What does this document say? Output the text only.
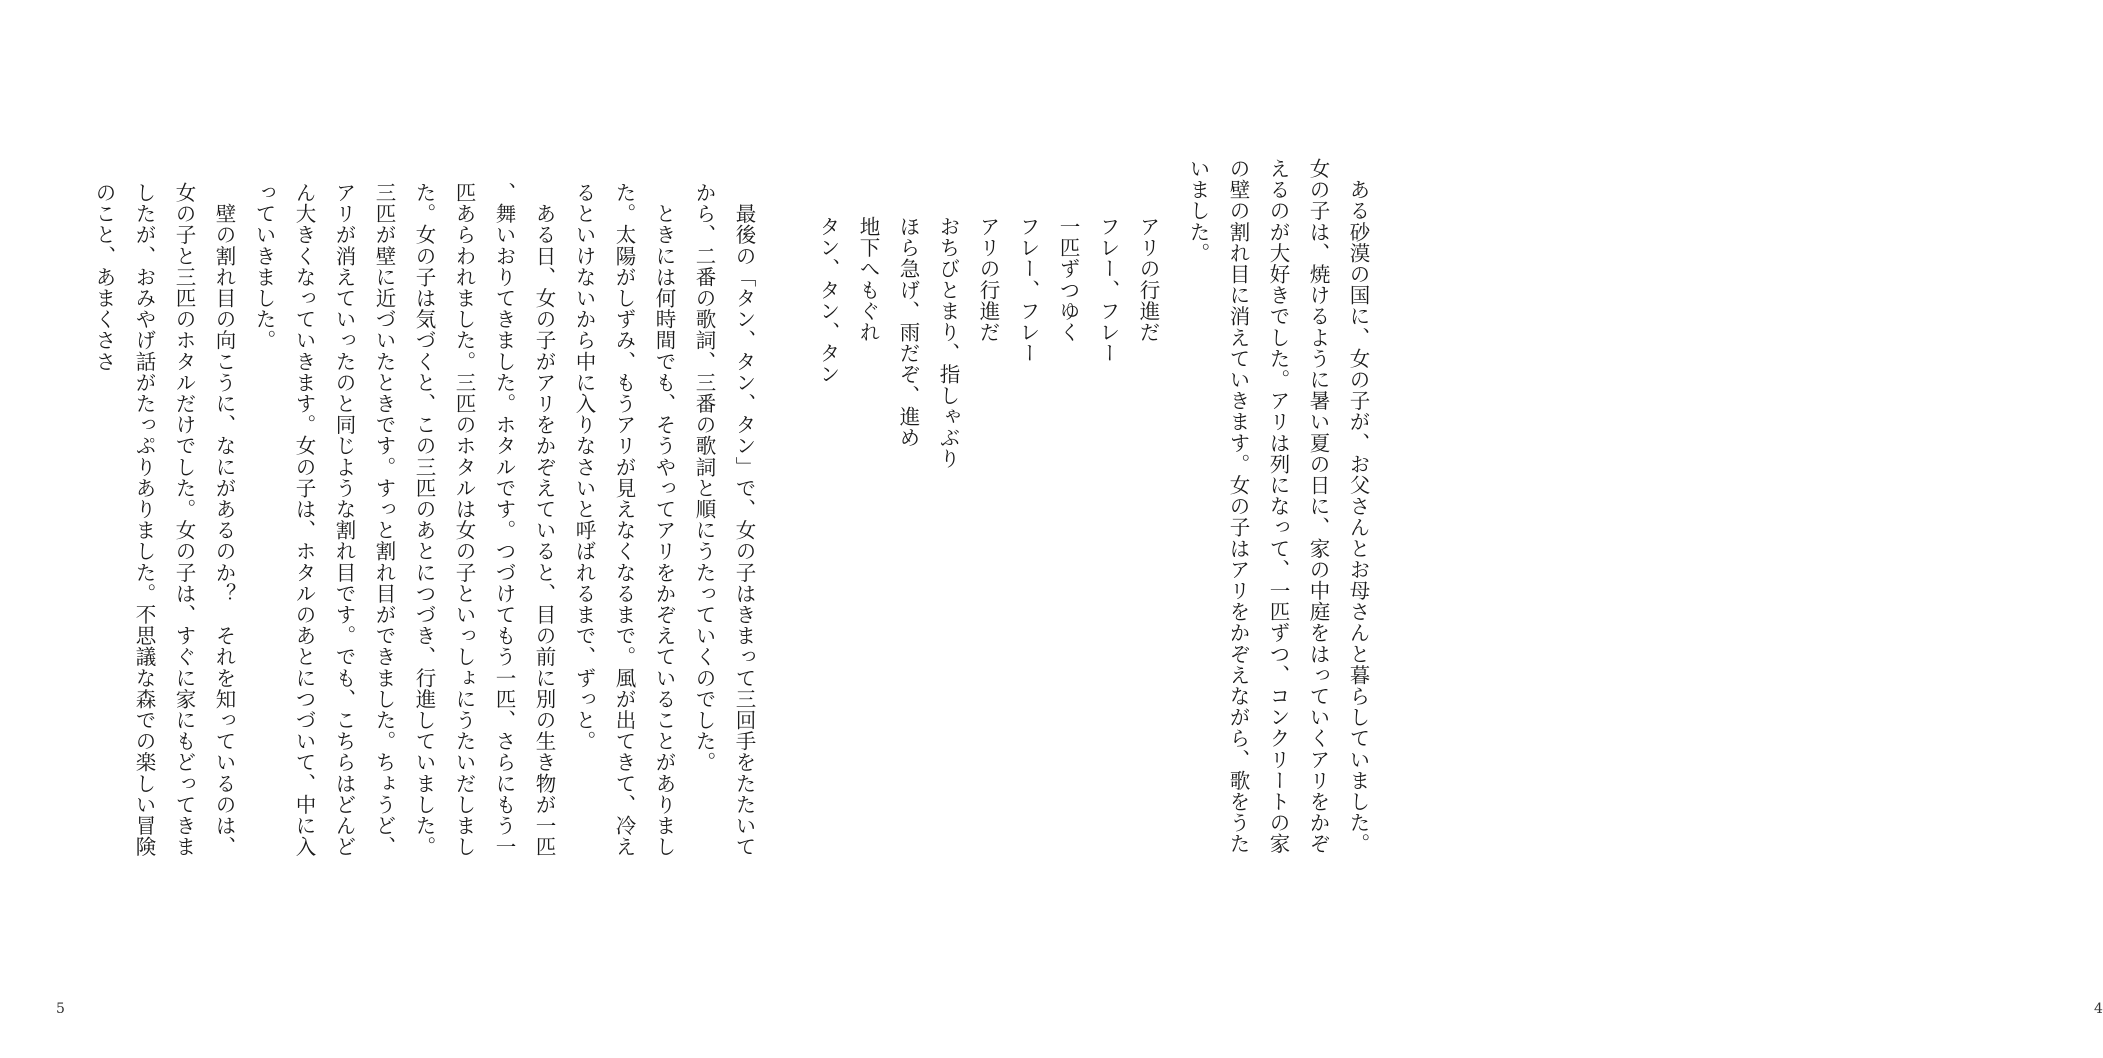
　最後の「タン、タン、タン」で、女の子はきまって三回手をたたいて
から、二番の歌詞、三番の歌詞と順にうたっていくのでした。

　ときには何時間でも、そうやってアリをかぞえていることがありまし
た。太陽がしずみ、もうアリが見えなくなるまで。風が出てきて、冷え
るといけないから中に入りなさいと呼ばれるまで、ずっと。

　ある日、女の子がアリをかぞえていると、目の前に別の生き物が一匹
、舞いおりてきました。ホタルです。つづけてもう一匹、さらにもう一
匹あらわれました。三匹のホタルは女の子といっしょにうたいだしまし
た。女の子は気づくと、この三匹のあとにつづき、行進していました。
三匹が壁に近づいたときです。すっと割れ目ができました。ちょうど、
アリが消えていったのと同じような割れ目です。でも、こちらはどんど
ん大きくなっていきます。女の子は、ホタルのあとにつづいて、中に入
っていきました。

　壁の割れ目の向こうに、なにがあるのか？　それを知っているのは、
女の子と三匹のホタルだけでした。女の子は、すぐに家にもどってきま
したが、おみやげ話がたっぷりありました。不思議な森での楽しい冒険
のこと、あまくささ

5	4

　ある砂漠の国に、女の子が、お父さんとお母さんと暮らしていました。
女の子は、焼けるように暑い夏の日に、家の中庭をはっていくアリをかぞ
えるのが大好きでした。アリは列になって、一匹ずつ、コンクリートの家
の壁の割れ目に消えていきます。女の子はアリをかぞえながら、歌をうた
いました。

アリの行進だ

フレー、フレー

一匹ずつゆく

フレー、フレー

アリの行進だ

おちびとまり、指しゃぶり

ほら急げ、雨だぞ、進め

地下へもぐれ

タン、タン、タン
